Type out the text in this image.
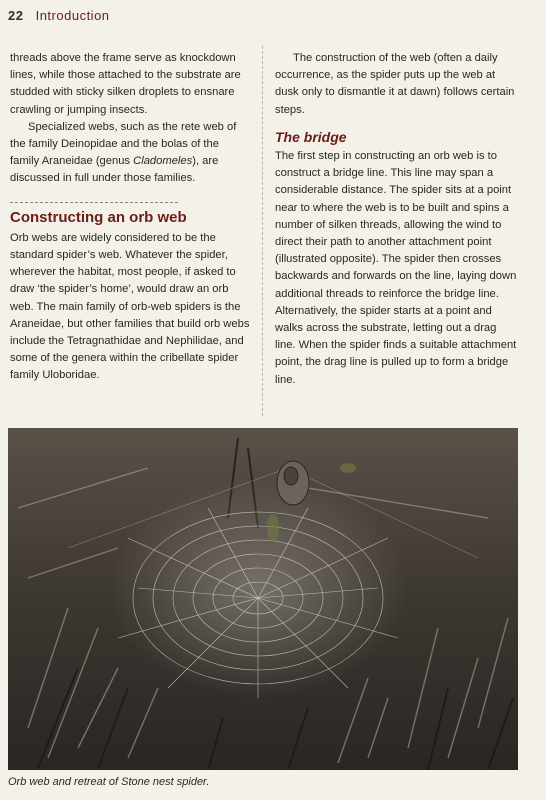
22 Introduction

threads above the frame serve as knockdown lines, while those attached to the substrate are studded with sticky silken droplets to ensnare crawling or jumping insects.

Specialized webs, such as the rete web of the family Deinopidae and the bolas of the family Araneidae (genus Cladomeles), are discussed in full under those families.

Constructing an orb web

Orb webs are widely considered to be the standard spider’s web. Whatever the spider, wherever the habitat, most people, if asked to draw ‘the spider’s home’, would draw an orb web. The main family of orb-web spiders is the Araneidae, but other families that build orb webs include the Tetragnathidae and Nephilidae, and some of the genera within the cribellate spider family Uloboridae.

The construction of the web (often a daily occurrence, as the spider puts up the web at dusk only to dismantle it at dawn) follows certain steps.

The bridge

The first step in constructing an orb web is to construct a bridge line. This line may span a considerable distance. The spider sits at a point near to where the web is to be built and spins a number of silken threads, allowing the wind to direct their path to another attachment point (illustrated opposite). The spider then crosses backwards and forwards on the line, laying down additional threads to reinforce the bridge line. Alternatively, the spider starts at a point and walks across the substrate, letting out a drag line. When the spider finds a suitable attachment point, the drag line is pulled up to form a bridge line.

Orb web and retreat of Stone nest spider.
